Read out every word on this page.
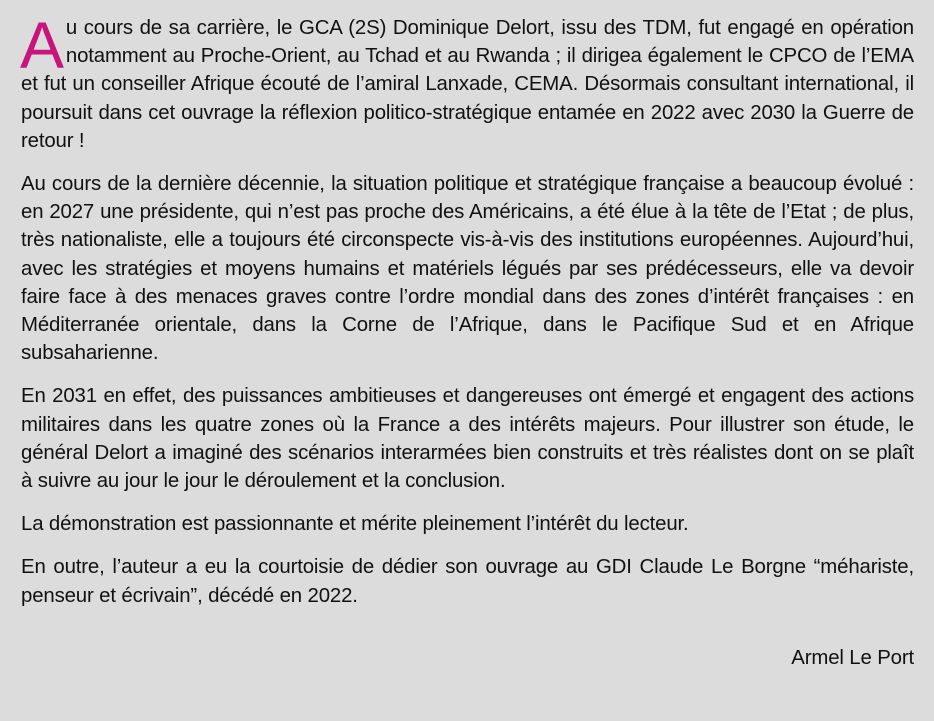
Au cours de sa carrière, le GCA (2S) Dominique Delort, issu des TDM, fut engagé en opération notamment au Proche-Orient, au Tchad et au Rwanda ; il dirigea également le CPCO de l’EMA et fut un conseiller Afrique écouté de l’amiral Lanxade, CEMA. Désormais consultant international, il poursuit dans cet ouvrage la réflexion politico-stratégique entamée en 2022 avec 2030 la Guerre de retour !

Au cours de la dernière décennie, la situation politique et stratégique française a beaucoup évolué : en 2027 une présidente, qui n’est pas proche des Américains, a été élue à la tête de l’Etat ; de plus, très nationaliste, elle a toujours été circonspecte vis-à-vis des institutions européennes. Aujourd’hui, avec les stratégies et moyens humains et matériels légués par ses prédécesseurs, elle va devoir faire face à des menaces graves contre l’ordre mondial dans des zones d’intérêt françaises : en Méditerranée orientale, dans la Corne de l’Afrique, dans le Pacifique Sud et en Afrique subsaharienne.

En 2031 en effet, des puissances ambitieuses et dangereuses ont émergé et engagent des actions militaires dans les quatre zones où la France a des intérêts majeurs. Pour illustrer son étude, le général Delort a imaginé des scénarios interarmées bien construits et très réalistes dont on se plaît à suivre au jour le jour le déroulement et la conclusion.

La démonstration est passionnante et mérite pleinement l’intérêt du lecteur.

En outre, l’auteur a eu la courtoisie de dédier son ouvrage au GDI Claude Le Borgne “méhariste, penseur et écrivain”, décédé en 2022.

Armel Le Port
